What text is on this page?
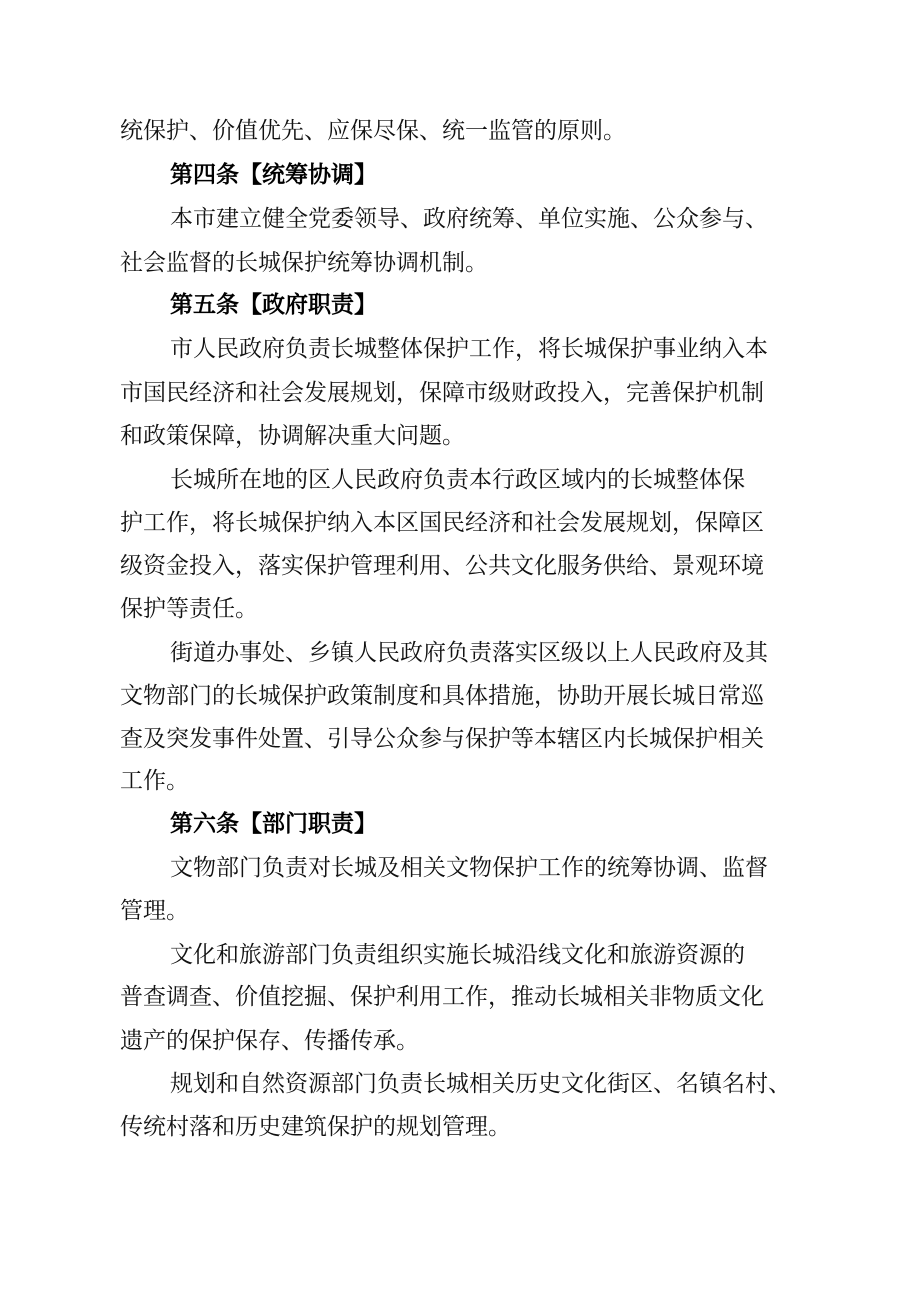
统保护、价值优先、应保尽保、统一监管的原则。

第四条【统筹协调】

本市建立健全党委领导、政府统筹、单位实施、公众参与、

社会监督的长城保护统筹协调机制。

第五条【政府职责】

市人民政府负责长城整体保护工作，将长城保护事业纳入本

市国民经济和社会发展规划，保障市级财政投入，完善保护机制

和政策保障，协调解决重大问题。

长城所在地的区人民政府负责本行政区域内的长城整体保

护工作，将长城保护纳入本区国民经济和社会发展规划，保障区

级资金投入，落实保护管理利用、公共文化服务供给、景观环境

保护等责任。

街道办事处、乡镇人民政府负责落实区级以上人民政府及其

文物部门的长城保护政策制度和具体措施，协助开展长城日常巡

查及突发事件处置、引导公众参与保护等本辖区内长城保护相关

工作。

第六条【部门职责】

文物部门负责对长城及相关文物保护工作的统筹协调、监督

管理。

文化和旅游部门负责组织实施长城沿线文化和旅游资源的

普查调查、价值挖掘、保护利用工作，推动长城相关非物质文化

遗产的保护保存、传播传承。

规划和自然资源部门负责长城相关历史文化街区、名镇名村、

传统村落和历史建筑保护的规划管理。
